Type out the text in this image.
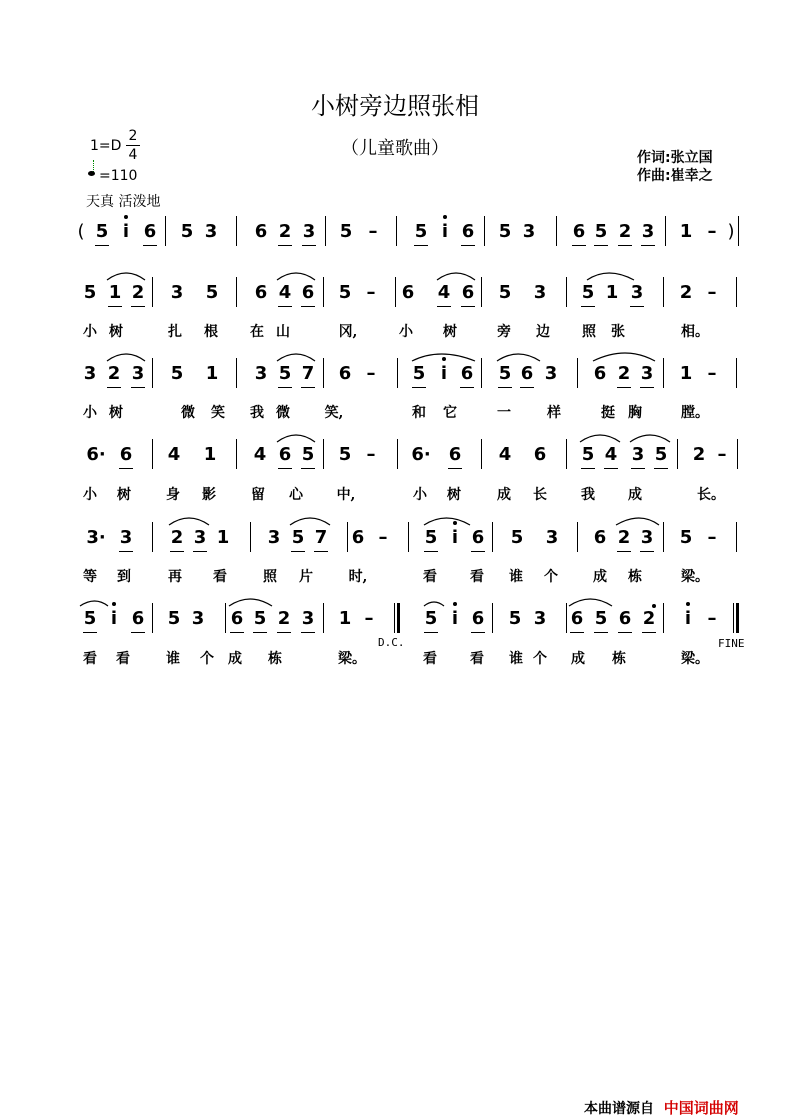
小树旁边照张相
（儿童歌曲）
1=D
2
4
=110
天真 活泼地
作词:张立国
作曲:崔幸之
( 5 i 6 5 3 6 2 3 5 –	5 i 6 5 3 6 5 2 3 1 – )
5 1 2 3 5 6 4 6 5 –	6 4 6 5 3 5 1 3 2 –
小 树	扎 根 在 山	冈,	小 树	旁 边 照 张	相。
3 2 3 5 1 3 5 7 6 –	5 i 6 5 6 3 6 2 3 1 –
小 树	微 笑 我 微 笑,	和 它	一	样	挺 胸	膛。
6· 6 4 1 4 6 5 5 –	6· 6 4 6 5 4 3 5 2 –
小 树	身 影	留 心 中,	小 树	成 长 我 成	长。
3· 3 2 3 1 3 5 7 6 –	5 i 6 5 3 6 2 3 5 –
等 到	再 看	照 片	时,	看 看 谁 个	成 栋	梁。
5 i 6 5 3 6 5 2 3 1 –	5 i 6 5 3 6 5 6 2	i –
D.C.	FINE
看 看	谁 个 成 栋	梁。	看 看 谁 个 成 栋	梁。
本曲谱源自 中国词曲网
